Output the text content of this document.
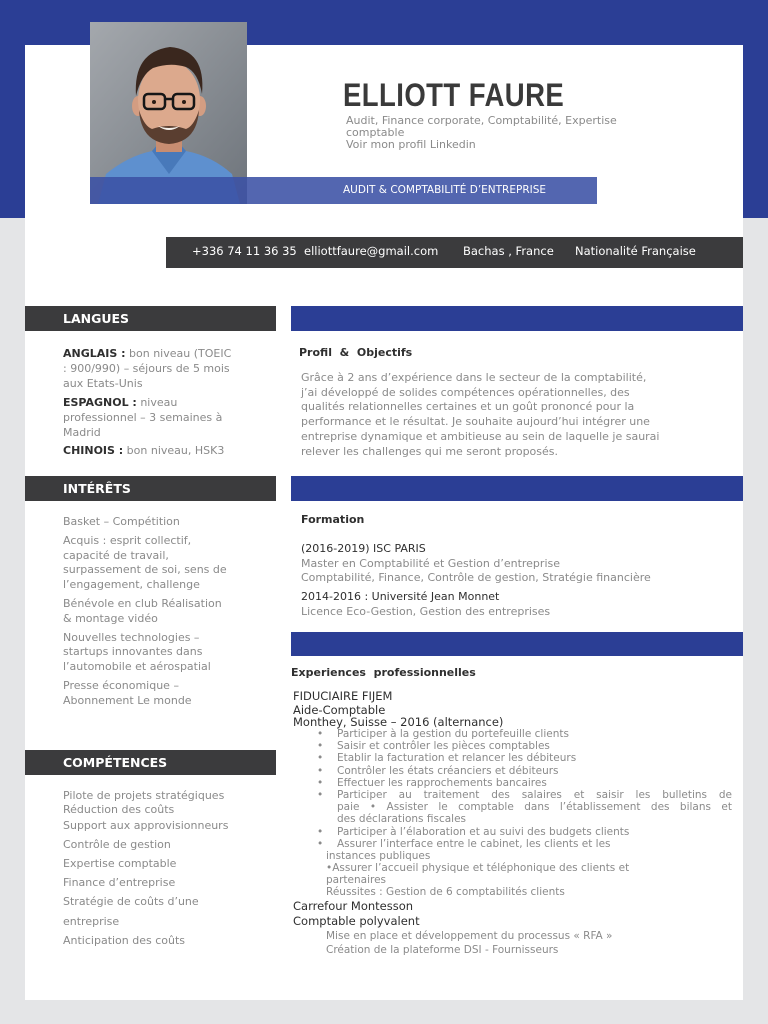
AUDIT & COMPTABILITÉ D’ENTREPRISE
ELLIOTT FAURE
Audit, Finance corporate, Comptabilité, Expertise
comptable
Voir mon profil Linkedin
+336 74 11 36 35 elliottfaure@gmail.com Bachas , France Nationalité Française
LANGUES
ANGLAIS : bon niveau (TOEIC
: 900/990) – séjours de 5 mois
aux Etats-Unis
ESPAGNOL : niveau
professionnel – 3 semaines à
Madrid
CHINOIS : bon niveau, HSK3
INTÉRÊTS
Basket – Compétition
Acquis : esprit collectif,
capacité de travail,
surpassement de soi, sens de
l’engagement, challenge
Bénévole en club Réalisation
& montage vidéo
Nouvelles technologies –
startups innovantes dans
l’automobile et aérospatial
Presse économique –
Abonnement Le monde
COMPÉTENCES
Pilote de projets stratégiques
Réduction des coûts
Support aux approvisionneurs
Contrôle de gestion
Expertise comptable
Finance d’entreprise
Stratégie de coûts d’une
entreprise
Anticipation des coûts
Profil  &  Objectifs
Grâce à 2 ans d’expérience dans le secteur de la comptabilité,
j’ai développé de solides compétences opérationnelles, des
qualités relationnelles certaines et un goût prononcé pour la
performance et le résultat. Je souhaite aujourd’hui intégrer une
entreprise dynamique et ambitieuse au sein de laquelle je saurai
relever les challenges qui me seront proposés.
Formation
(2016-2019) ISC PARIS
Master en Comptabilité et Gestion d’entreprise
Comptabilité, Finance, Contrôle de gestion, Stratégie financière
2014-2016 : Université Jean Monnet
Licence Eco-Gestion, Gestion des entreprises
Experiences  professionnelles
FIDUCIAIRE FIJEM
Aide-Comptable
Monthey, Suisse – 2016 (alternance)
• Participer à la gestion du portefeuille clients
• Saisir et contrôler les pièces comptables
• Etablir la facturation et relancer les débiteurs
• Contrôler les états créanciers et débiteurs
• Effectuer les rapprochements bancaires
• Participer au traitement des salaires et saisir les bulletins de
paie • Assister le comptable dans l’établissement des bilans et
des déclarations fiscales
• Participer à l’élaboration et au suivi des budgets clients
• Assurer l’interface entre le cabinet, les clients et les
instances publiques
•Assurer l’accueil physique et téléphonique des clients et
partenaires
Réussites : Gestion de 6 comptabilités clients
Carrefour Montesson
Comptable polyvalent
Mise en place et développement du processus « RFA »
Création de la plateforme DSI - Fournisseurs
